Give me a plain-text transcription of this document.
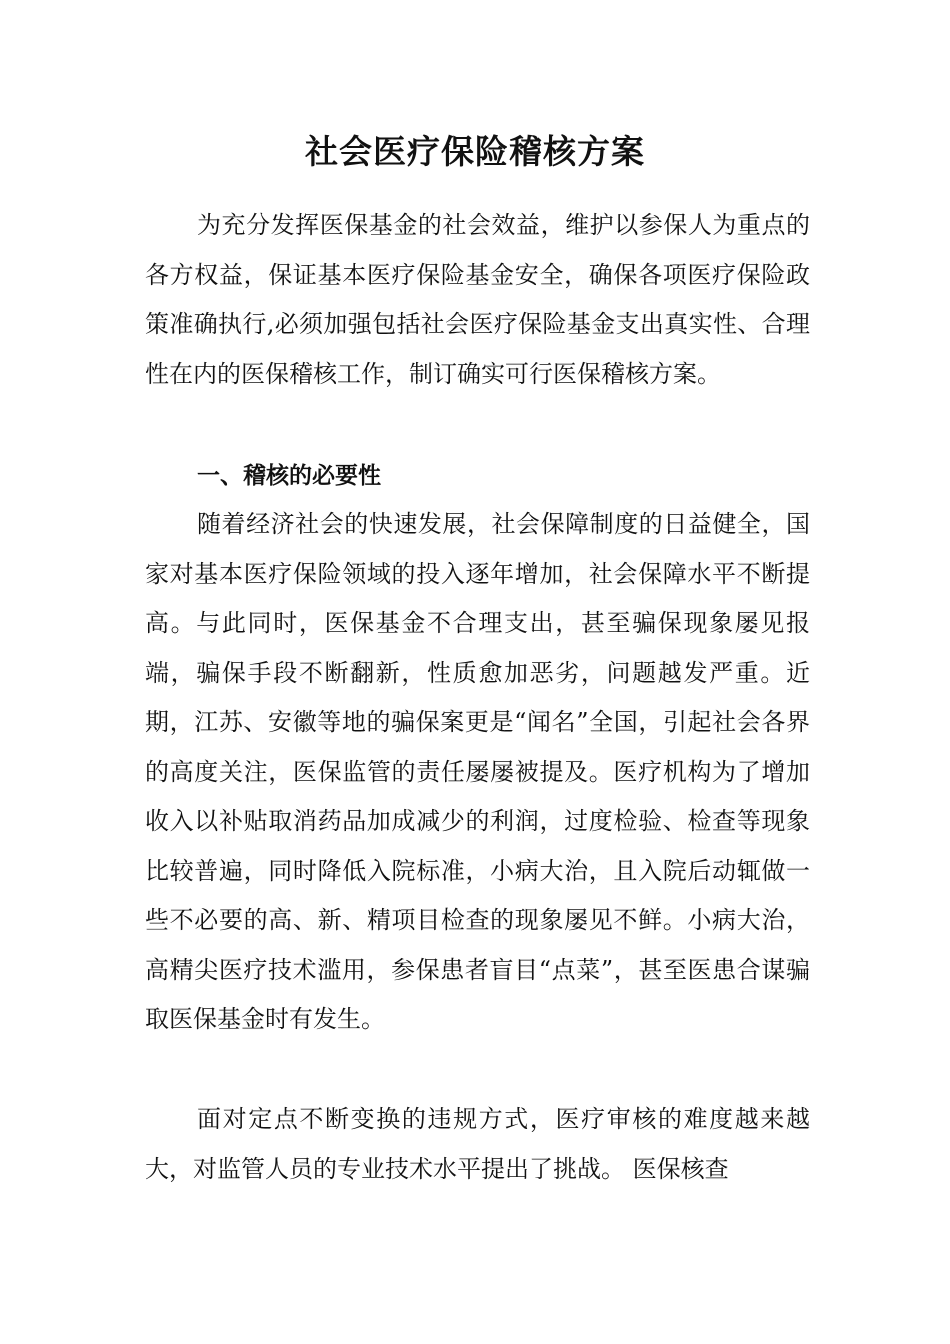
社会医疗保险稽核方案

为充分发挥医保基金的社会效益，维护以参保人为重点的各方权益，保证基本医疗保险基金安全，确保各项医疗保险政策准确执行,必须加强包括社会医疗保险基金支出真实性、合理性在内的医保稽核工作，制订确实可行医保稽核方案。

一、稽核的必要性

随着经济社会的快速发展，社会保障制度的日益健全，国家对基本医疗保险领域的投入逐年增加，社会保障水平不断提高。与此同时，医保基金不合理支出，甚至骗保现象屡见报端，骗保手段不断翻新，性质愈加恶劣，问题越发严重。近期，江苏、安徽等地的骗保案更是“闻名”全国，引起社会各界的高度关注，医保监管的责任屡屡被提及。医疗机构为了增加收入以补贴取消药品加成减少的利润，过度检验、检查等现象比较普遍，同时降低入院标准，小病大治，且入院后动辄做一些不必要的高、新、精项目检查的现象屡见不鲜。小病大治，高精尖医疗技术滥用，参保患者盲目“点菜”，甚至医患合谋骗取医保基金时有发生。

面对定点不断变换的违规方式，医疗审核的难度越来越大，对监管人员的专业技术水平提出了挑战。 医保核查
